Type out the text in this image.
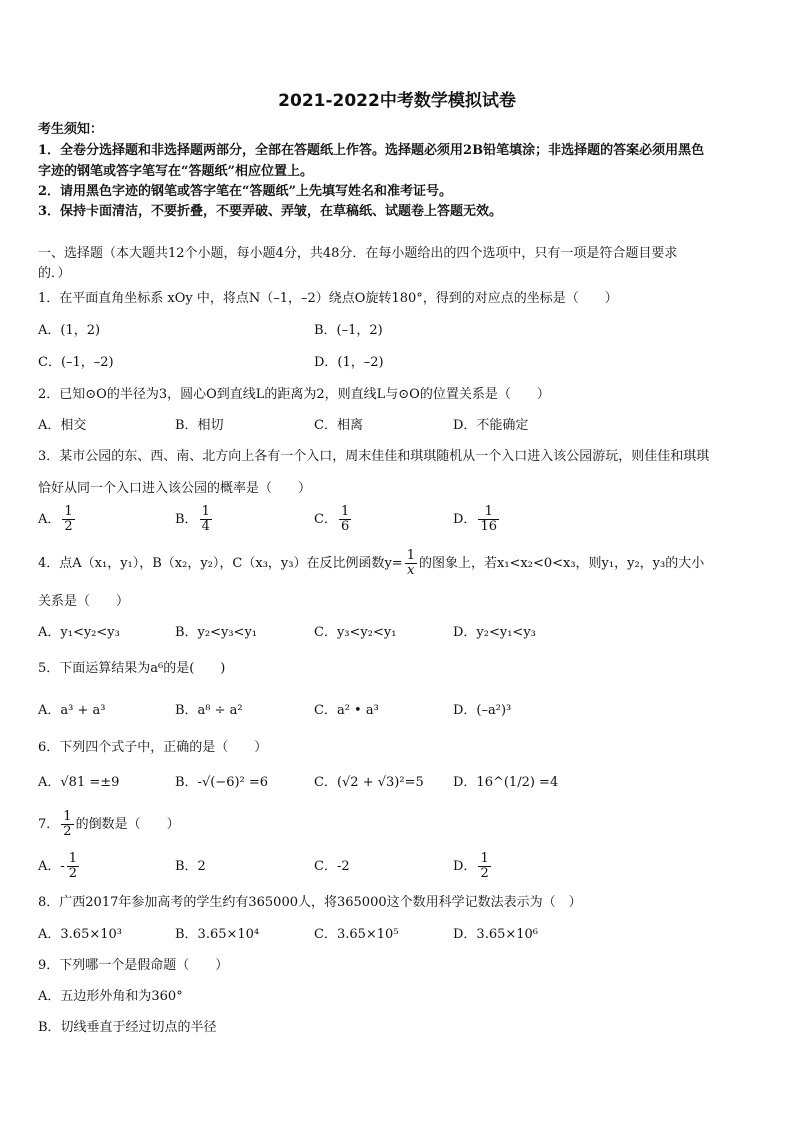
2021-2022中考数学模拟试卷
考生须知：
1．全卷分选择题和非选择题两部分，全部在答题纸上作答。选择题必须用2B铅笔填涂；非选择题的答案必须用黑色
字迹的钢笔或答字笔写在“答题纸”相应位置上。
2．请用黑色字迹的钢笔或答字笔在“答题纸”上先填写姓名和准考证号。
3．保持卡面清洁，不要折叠，不要弄破、弄皱，在草稿纸、试题卷上答题无效。
一、选择题（本大题共12个小题，每小题4分，共48分．在每小题给出的四个选项中，只有一项是符合题目要求
的．）
1．在平面直角坐标系 xOy 中，将点N（–1，–2）绕点O旋转180°，得到的对应点的坐标是（　　）
A．(1，2)	B．(–1，2)
C．(–1，–2)	D．(1，–2)
2．已知⊙O的半径为3，圆心O到直线L的距离为2，则直线L与⊙O的位置关系是（　　）
A．相交	B．相切	C．相离	D．不能确定
3．某市公园的东、西、南、北方向上各有一个入口，周末佳佳和琪琪随机从一个入口进入该公园游玩，则佳佳和琪琪
恰好从同一个入口进入该公园的概率是（　　）
A． $\frac{1}{2}$	B． $\frac{1}{4}$	C． $\frac{1}{6}$	D． $\frac{1}{16}$
4．点A（x₁，y₁），B（x₂，y₂），C（x₃，y₃）在反比例函数$y= \frac{1}{x}$ 的图象上，若x₁<x₂<0<x₃，则y₁，y₂，y₃的大小
关系是（　　）
A．y₁<y₂<y₃	B．y₂<y₃<y₁	C．y₃<y₂<y₁	D．y₂<y₁<y₃
5．下面运算结果为a⁶的是(　　)
A．a³ + a³	B．a⁸ ÷ a²	C．a² • a³	D．(–a²)³
6．下列四个式子中，正确的是（　　）
A．√81 =±9	B．-√(−6)² =6	C．(√2 + √3)²=5 D．16^(1/2) =4
7． $\frac{1}{2}$ 的倒数是（　　）
A．- $\frac{1}{2}$	B．2	C．-2	D． $\frac{1}{2}$
8．广西2017年参加高考的学生约有365000人，将365000这个数用科学记数法表示为（　）
A．3.65×10³	B．3.65×10⁴	C．3.65×10⁵	D．3.65×10⁶
9．下列哪一个是假命题（　　）
A．五边形外角和为360°
B．切线垂直于经过切点的半径
